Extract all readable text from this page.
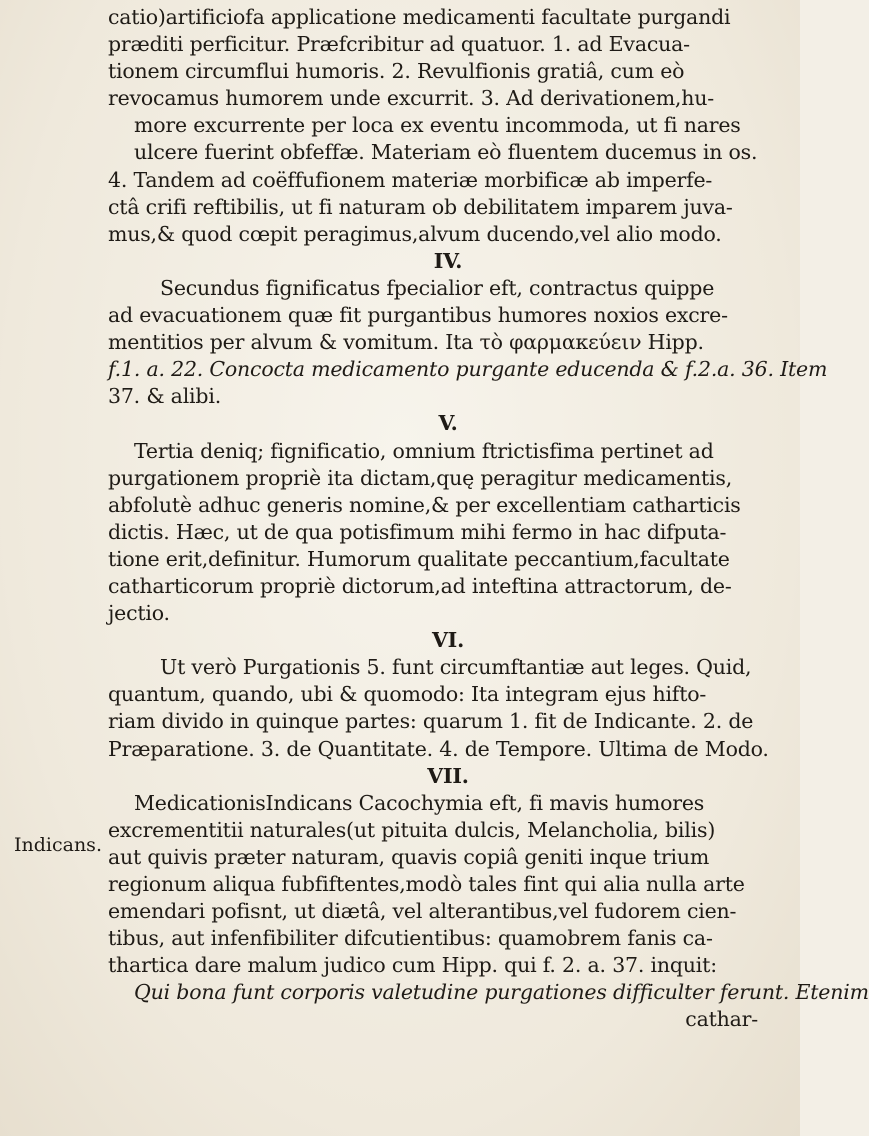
Indicans.
catio)artificiofa applicatione medicamenti facultate purgandi
præditi perficitur. Præfcribitur ad quatuor. 1. ad Evacua-
tionem circumflui humoris. 2. Revulfionis gratiâ, cum eò
revocamus humorem unde excurrit. 3. Ad derivationem,hu-
more excurrente per loca ex eventu incommoda, ut fi nares
ulcere fuerint obfeffæ. Materiam eò fluentem ducemus in os.
4. Tandem ad coëffufionem materiæ morbificæ ab imperfe-
ctâ crifi reftibilis, ut fi naturam ob debilitatem imparem juva-
mus,& quod cœpit peragimus,alvum ducendo,vel alio modo.
IV.
Secundus fignificatus fpecialior eft, contractus quippe
ad evacuationem quæ fit purgantibus humores noxios excre-
mentitios per alvum & vomitum. Ita τὸ φαρμακεύειν Hipp.
f.1. a. 22. Concocta medicamento purgante educenda & f.2.a. 36. Item
37. & alibi.
V.
Tertia deniq; fignificatio, omnium ftrictisfima pertinet ad
purgationem propriè ita dictam,quę peragitur medicamentis,
abfolutè adhuc generis nomine,& per excellentiam catharticis
dictis. Hæc, ut de qua potisfimum mihi fermo in hac difputa-
tione erit,definitur. Humorum qualitate peccantium,facultate
catharticorum propriè dictorum,ad inteftina attractorum, de-
jectio.
VI.
Ut verò Purgationis 5. funt circumftantiæ aut leges. Quid,
quantum, quando, ubi & quomodo: Ita integram ejus hifto-
riam divido in quinque partes: quarum 1. fit de Indicante. 2. de
Præparatione. 3. de Quantitate. 4. de Tempore. Ultima de Modo.
VII.
MedicationisIndicans Cacochymia eft, fi mavis humores
excrementitii naturales(ut pituita dulcis, Melancholia, bilis)
aut quivis præter naturam, quavis copiâ geniti inque trium
regionum aliqua fubfiftentes,modò tales fint qui alia nulla arte
emendari pofisnt, ut diætâ, vel alterantibus,vel fudorem cien-
tibus, aut infenfibiliter difcutientibus: quamobrem fanis ca-
thartica dare malum judico cum Hipp. qui f. 2. a. 37. inquit:
Qui bona funt corporis valetudine purgationes difficulter ferunt. Etenim
cathar-
